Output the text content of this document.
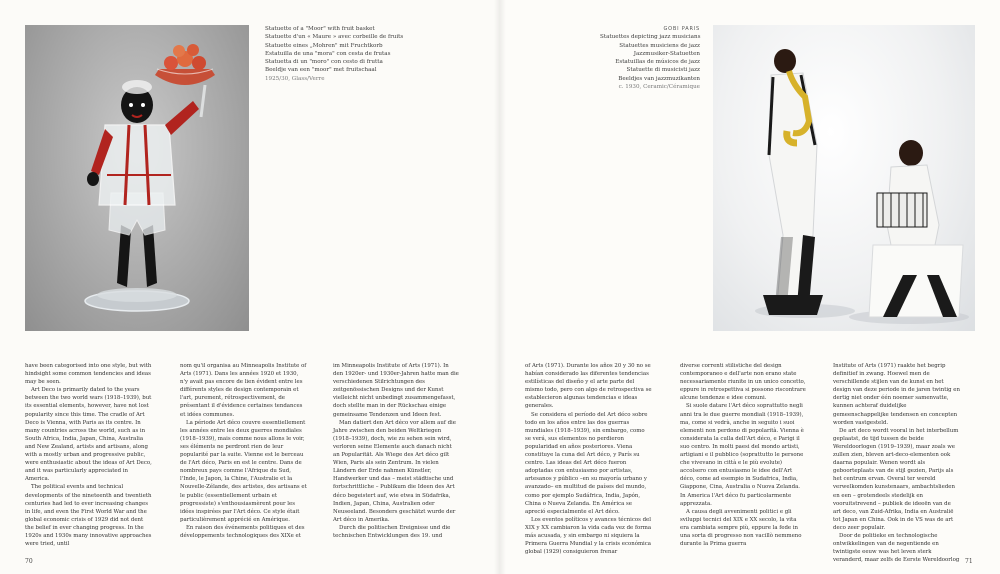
Statuette of a "Moor" with fruit basket
Statuette d'un « Maure » avec corbeille de fruits
Statuette eines „Mohren" mit Fruchtkorb
Estatuilla de una "mora" con cesta de frutas
Statuetta di un "moro" con cesto di frutta
Beeldje van een "moor" met fruitschaal
1925/30, Glass/Verre
GOBI PARIS
Statuettes depicting jazz musicians
Statuettes musiciens de jazz
Jazzmusiker-Statuetten
Estatuillas de músicos de jazz
Statuette di musicisti jazz
Beeldjes van jazzmuzikanten
c. 1930, Ceramic/Céramique

have been categorised into one style, but with hindsight some common tendencies and ideas may be seen.

Art Deco is primarily dated to the years between the two world wars (1918–1939), but its essential elements, however, have not lost popularity since this time. The cradle of Art Deco is Vienna, with Paris as its centre. In many countries across the world, such as in South Africa, India, Japan, China, Australia and New Zealand, artists and artisans, along with a mostly urban and progressive public, were enthusiastic about the ideas of Art Deco, and it was particularly appreciated in America.

The political events and technical developments of the nineteenth and twentieth centuries had led to ever increasing changes in life, and even the First World War and the global economic crisis of 1929 did not dent the belief in ever changing progress. In the 1920s and 1930s many innovative approaches were tried, until

nom qu'il organisa au Minneapolis Institute of Arts (1971). Dans les années 1920 et 1930, n'y avait pas encore de lien évident entre les différents styles de design contemporain et l'art, purement, rétrospectivement, de présentant il d'évidence certaines tendances et idées communes.

La période Art déco couvre essentiellement les années entre les deux guerres mondiales (1918–1939), mais comme nous allons le voir, ses éléments ne perdront rien de leur popularité par la suite. Vienne est le berceau de l'Art déco, Paris en est le centre. Dans de nombreux pays comme l'Afrique du Sud, l'Inde, le Japon, la Chine, l'Australie et la Nouvelle-Zélande, des artistes, des artisans et le public (essentiellement urbain et progressiste) s'enthousiasmèrent pour les idées inspirées par l'Art déco. Ce style était particulièrement apprécié en Amérique.

En raison des événements politiques et des développements technologiques des XIXe et

im Minneapolis Institute of Arts (1971). In den 1920er- und 1930er-Jahren hatte man die verschiedenen Stilrichtungen des zeitgenössischen Designs und der Kunst vielleicht nicht unbedingt zusammengefasst, doch stellte man in der Rückschau einige gemeinsame Tendenzen und Ideen fest.

Man datiert den Art déco vor allem auf die Jahre zwischen den beiden Weltkriegen (1918–1939), doch, wie zu sehen sein wird, verloren seine Elemente auch danach nicht an Popularität. Als Wiege des Art déco gilt Wien, Paris als sein Zentrum. In vielen Ländern der Erde nahmen Künstler, Handwerker und das – meist städtische und fortschrittliche – Publikum die Ideen des Art déco begeistert auf, wie etwa in Südafrika, Indien, Japan, China, Australien oder Neuseeland. Besonders geschätzt wurde der Art déco in Amerika.

Durch die politischen Ereignisse und die technischen Entwicklungen des 19. und

of Arts (1971). Durante los años 20 y 30 no se habían considerado las diferentes tendencias estilísticas del diseño y el arte parte del mismo todo, pero con algo de retrospectiva se establecieron algunas tendencias e ideas generales.

Se considera el período del Art déco sobre todo en los años entre las dos guerras mundiales (1918–1939), sin embargo, como se verá, sus elementos no perdieron popularidad en años posteriores. Viena constituye la cuna del Art déco, y París su centro. Las ideas del Art déco fueron adoptadas con entusiasmo por artistas, artesanos y público –en su mayoría urbano y avanzado– en multitud de países del mundo, como por ejemplo Sudáfrica, India, Japón, China o Nueva Zelanda. En América se apreció especialmente el Art déco.

Los eventos políticos y avances técnicos del XIX y XX cambiaron la vida cada vez de forma más acusada, y sin embargo ni siquiera la Primera Guerra Mundial y la crisis económica global (1929) consiguieron frenar

diverse correnti stilistiche del design contemporaneo e dell'arte non erano state necessariamente riunite in un unico concetto, eppure in retrospettiva si possono riscontrare alcune tendenze e idee comuni.

Si suole datare l'Art déco soprattutto negli anni tra le due guerre mondiali (1918–1939), ma, come si vedrà, anche in seguito i suoi elementi non perdono di popolarità. Vienna è considerata la culla dell'Art déco, e Parigi il suo centro. In molti paesi del mondo artisti, artigiani e il pubblico (soprattutto le persone che vivevano in città e le più evolute) accolsero con entusiasmo le idee dell'Art déco, come ad esempio in Sudafrica, India, Giappone, Cina, Australia o Nuova Zelanda. In America l'Art déco fu particolarmente apprezzata.

A causa degli avvenimenti politici e gli sviluppi tecnici del XIX e XX secolo, la vita era cambiata sempre più, eppure la fede in una sorta di progresso non vacillò nemmeno durante la Prima guerra

Institute of Arts (1971) raakte het begrip definitief in zwang. Hoewel men de verschillende stijlen van de kunst en het design van deze periode in de jaren twintig en dertig niet onder één noemer samenvatte, kunnen achteraf duidelijke gemeenschappelijke tendensen en concepten worden vastgesteld.

De art deco wordt vooral in het interbellum geplaatst, de tijd tussen de beide Wereldoorlogen (1919–1939), maar zoals we zullen zien, bleven art-deco-elementen ook daarna populair. Wenen wordt als geboorteplaats van de stijl gezien, Parijs als het centrum ervan. Overal ter wereld verwelkomden kunstenaars, ambachtslieden en een – grotendeels stedelijk en vooruitstrevend – publiek de ideeën van de art deco, van Zuid-Afrika, India en Australië tot Japan en China. Ook in de VS was de art deco zeer populair.

Door de politieke en technologische ontwikkelingen van de negentiende en twintigste eeuw was het leven sterk veranderd, maar zelfs de Eerste Wereldoorlog

70	71
